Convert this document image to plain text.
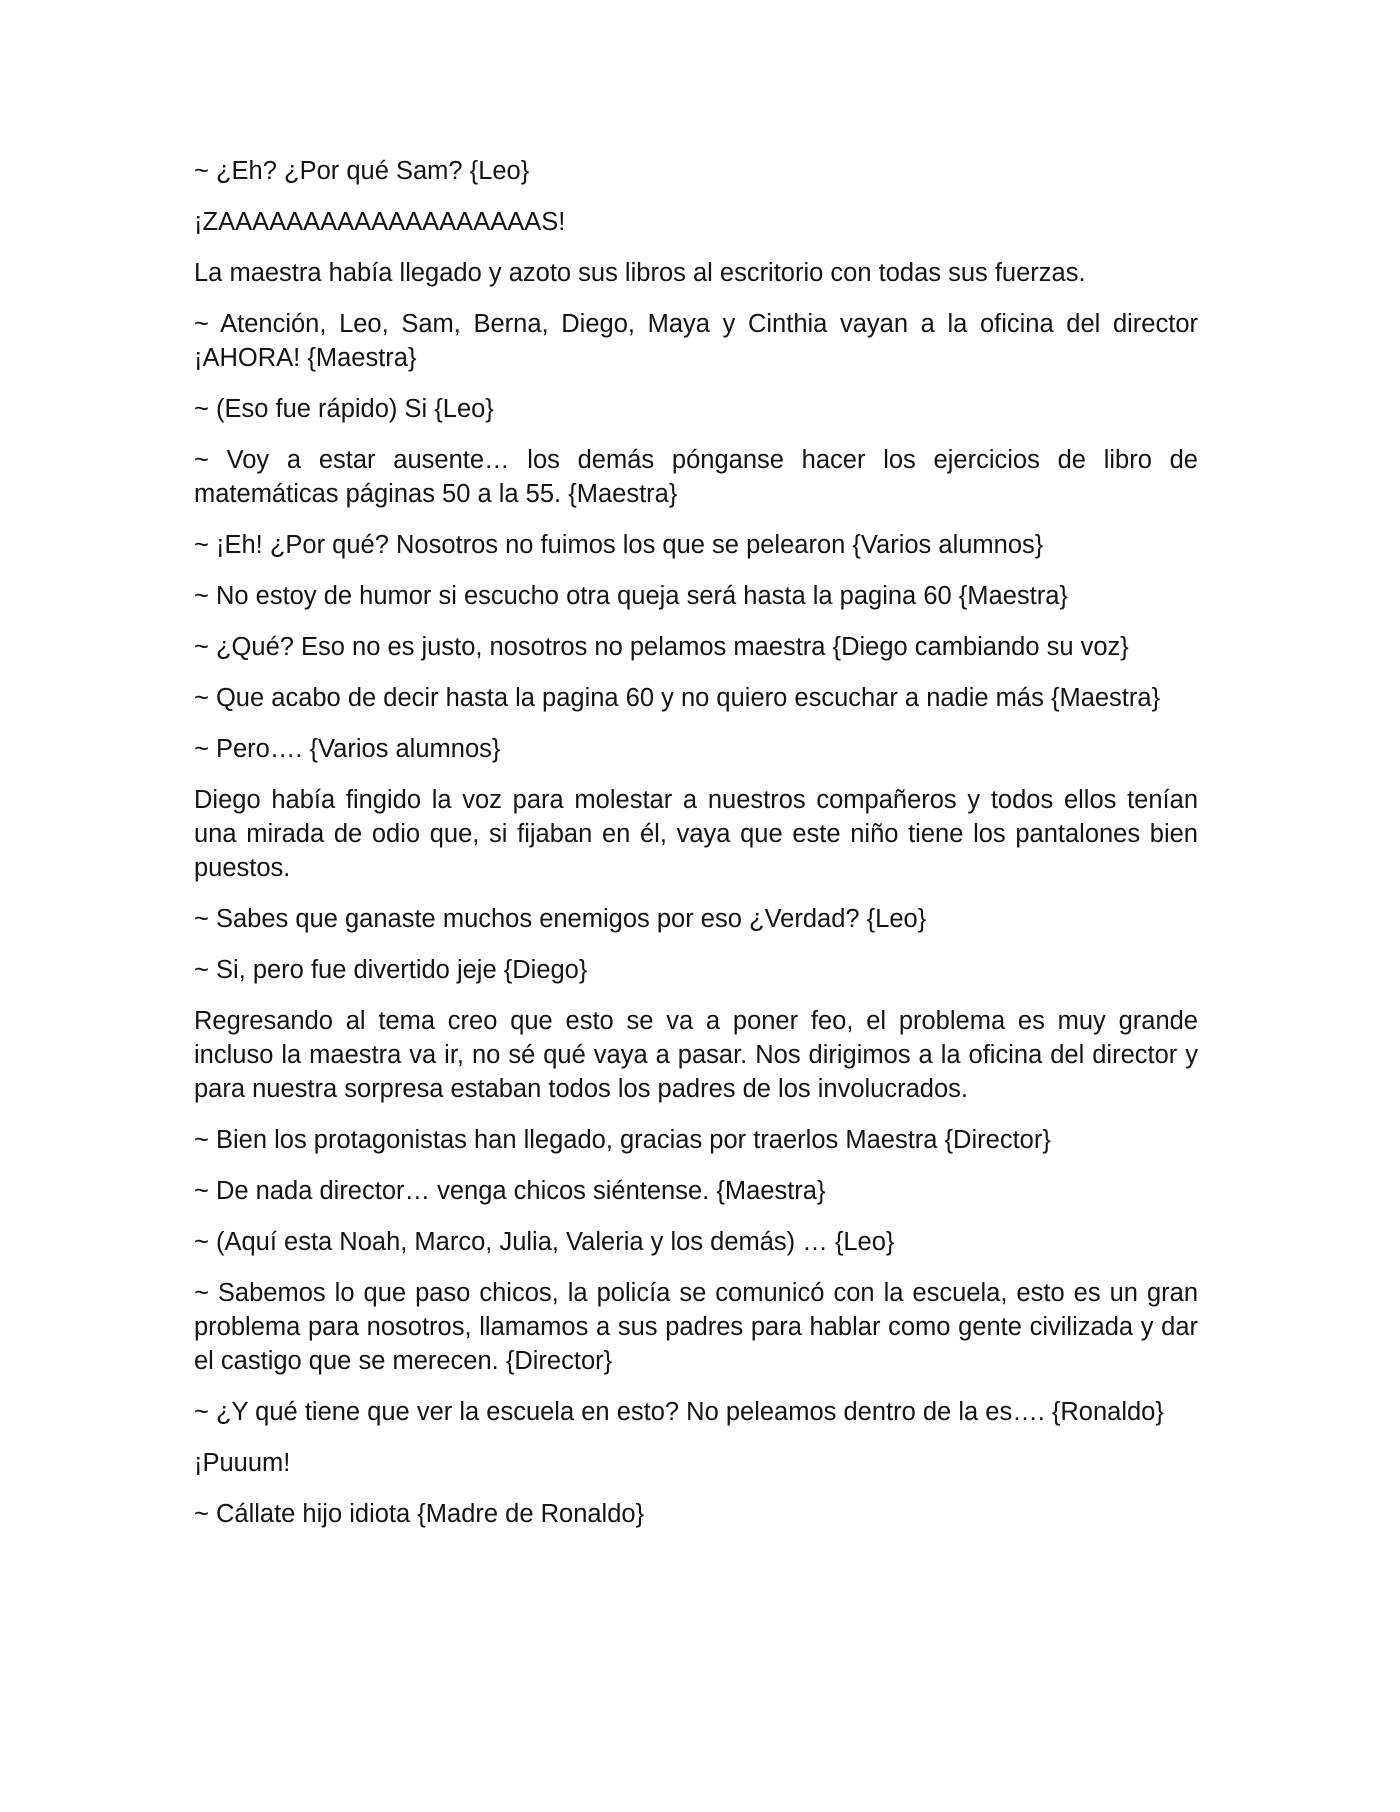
~ ¿Eh? ¿Por qué Sam? {Leo}

¡ZAAAAAAAAAAAAAAAAAAAS!

La maestra había llegado y azoto sus libros al escritorio con todas sus fuerzas.

~ Atención, Leo, Sam, Berna, Diego, Maya y Cinthia vayan a la oficina del director ¡AHORA! {Maestra}

~ (Eso fue rápido) Si {Leo}

~ Voy a estar ausente… los demás pónganse hacer los ejercicios de libro de matemáticas páginas 50 a la 55. {Maestra}

~ ¡Eh! ¿Por qué? Nosotros no fuimos los que se pelearon {Varios alumnos}

~ No estoy de humor si escucho otra queja será hasta la pagina 60 {Maestra}

~ ¿Qué? Eso no es justo, nosotros no pelamos maestra {Diego cambiando su voz}

~ Que acabo de decir hasta la pagina 60 y no quiero escuchar a nadie más {Maestra}

~ Pero…. {Varios alumnos}

Diego había fingido la voz para molestar a nuestros compañeros y todos ellos tenían una mirada de odio que, si fijaban en él, vaya que este niño tiene los pantalones bien puestos.

~ Sabes que ganaste muchos enemigos por eso ¿Verdad? {Leo}

~ Si, pero fue divertido jeje {Diego}

Regresando al tema creo que esto se va a poner feo, el problema es muy grande incluso la maestra va ir, no sé qué vaya a pasar. Nos dirigimos a la oficina del director y para nuestra sorpresa estaban todos los padres de los involucrados.

~ Bien los protagonistas han llegado, gracias por traerlos Maestra {Director}

~ De nada director… venga chicos siéntense. {Maestra}

~ (Aquí esta Noah, Marco, Julia, Valeria y los demás) … {Leo}

~ Sabemos lo que paso chicos, la policía se comunicó con la escuela, esto es un gran problema para nosotros, llamamos a sus padres para hablar como gente civilizada y dar el castigo que se merecen. {Director}

~ ¿Y qué tiene que ver la escuela en esto? No peleamos dentro de la es…. {Ronaldo}

¡Puuum!

~ Cállate hijo idiota {Madre de Ronaldo}
